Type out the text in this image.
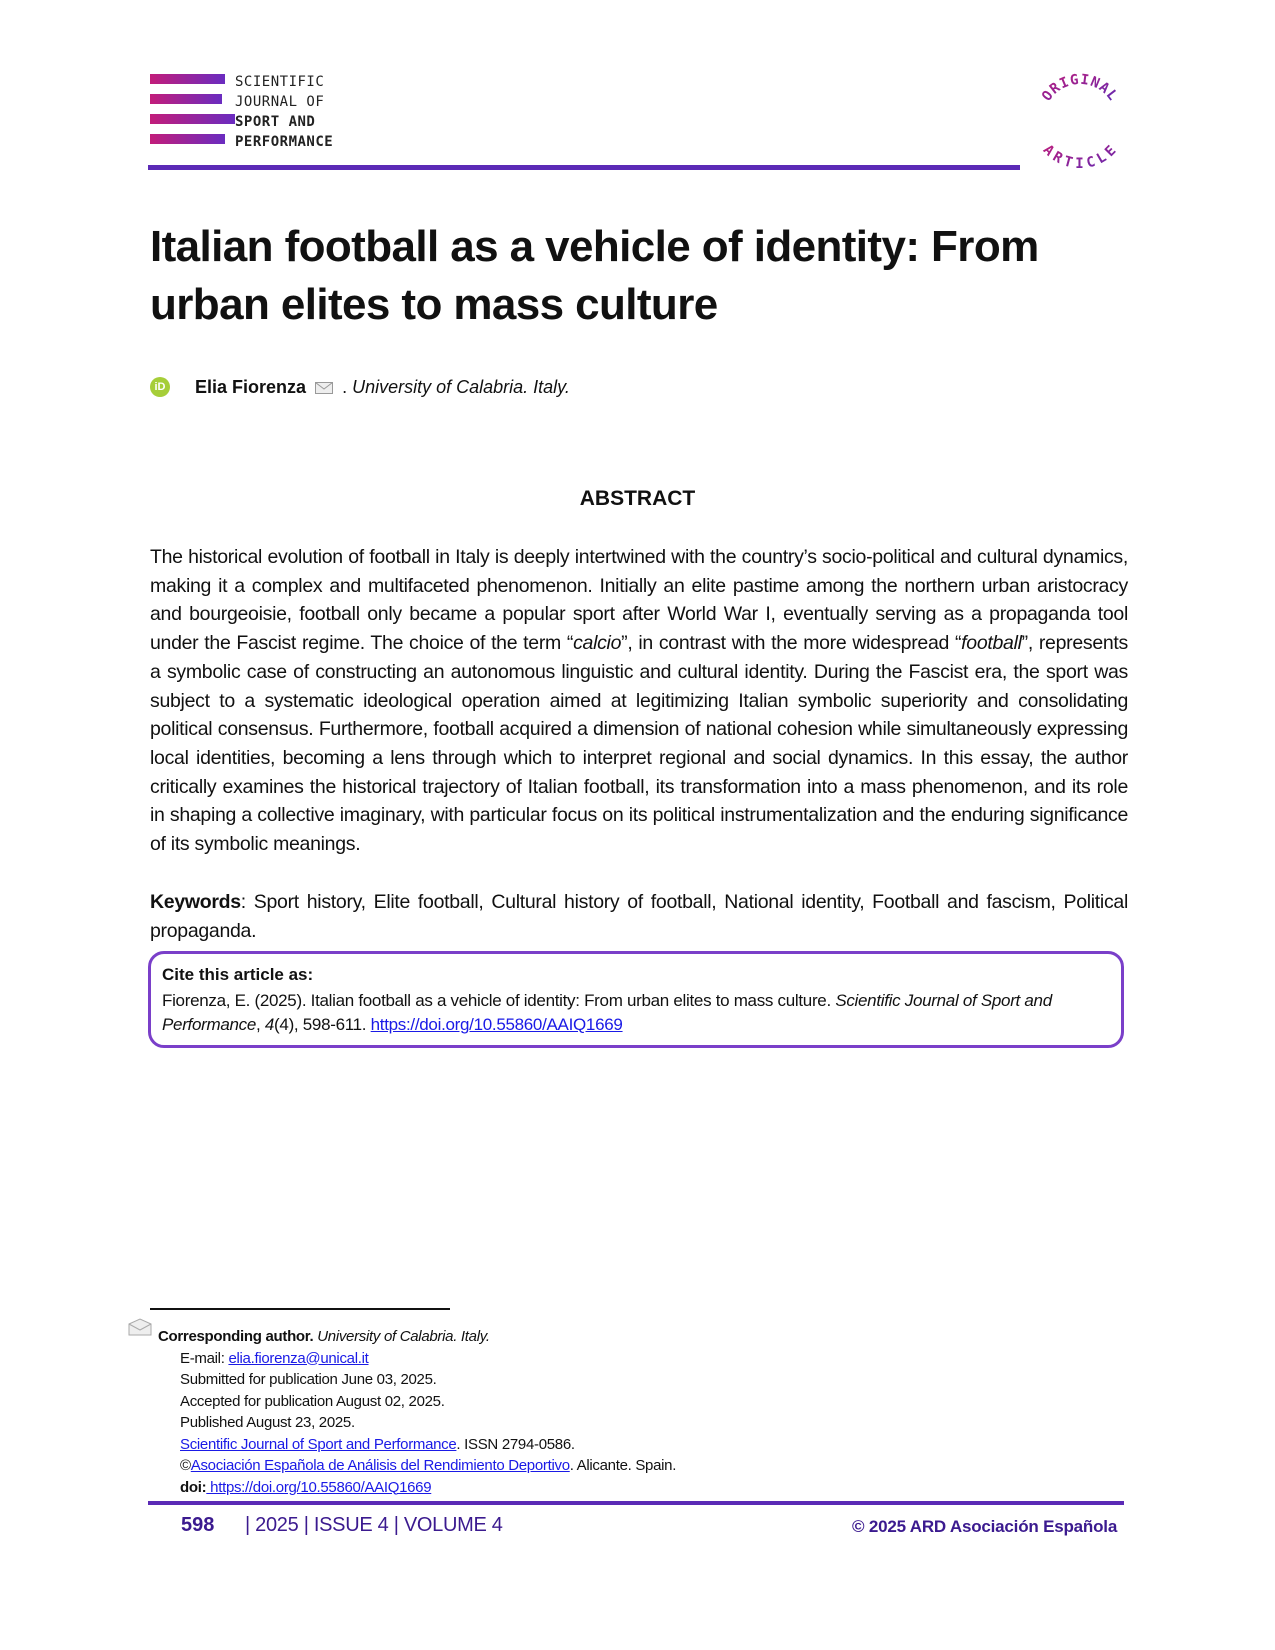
SCIENTIFIC
JOURNAL OF
SPORT AND
PERFORMANCE
ORIGINAL
ARTICLE
Italian football as a vehicle of identity: From urban elites to mass culture
iD Elia Fiorenza . University of Calabria. Italy.
ABSTRACT
The historical evolution of football in Italy is deeply intertwined with the country’s socio-political and cultural dynamics, making it a complex and multifaceted phenomenon. Initially an elite pastime among the northern urban aristocracy and bourgeoisie, football only became a popular sport after World War I, eventually serving as a propaganda tool under the Fascist regime. The choice of the term “calcio”, in contrast with the more widespread “football”, represents a symbolic case of constructing an autonomous linguistic and cultural identity. During the Fascist era, the sport was subject to a systematic ideological operation aimed at legitimizing Italian symbolic superiority and consolidating political consensus. Furthermore, football acquired a dimension of national cohesion while simultaneously expressing local identities, becoming a lens through which to interpret regional and social dynamics. In this essay, the author critically examines the historical trajectory of Italian football, its transformation into a mass phenomenon, and its role in shaping a collective imaginary, with particular focus on its political instrumentalization and the enduring significance of its symbolic meanings.
Keywords: Sport history, Elite football, Cultural history of football, National identity, Football and fascism, Political propaganda.
Cite this article as:
Fiorenza, E. (2025). Italian football as a vehicle of identity: From urban elites to mass culture. Scientific Journal of Sport and Performance, 4(4), 598-611. https://doi.org/10.55860/AAIQ1669
Corresponding author. University of Calabria. Italy.
E-mail: elia.fiorenza@unical.it
Submitted for publication June 03, 2025.
Accepted for publication August 02, 2025.
Published August 23, 2025.
Scientific Journal of Sport and Performance. ISSN 2794-0586.
©Asociación Española de Análisis del Rendimiento Deportivo. Alicante. Spain.
doi: https://doi.org/10.55860/AAIQ1669
598 | 2025 | ISSUE 4 | VOLUME 4	© 2025 ARD Asociación Española
